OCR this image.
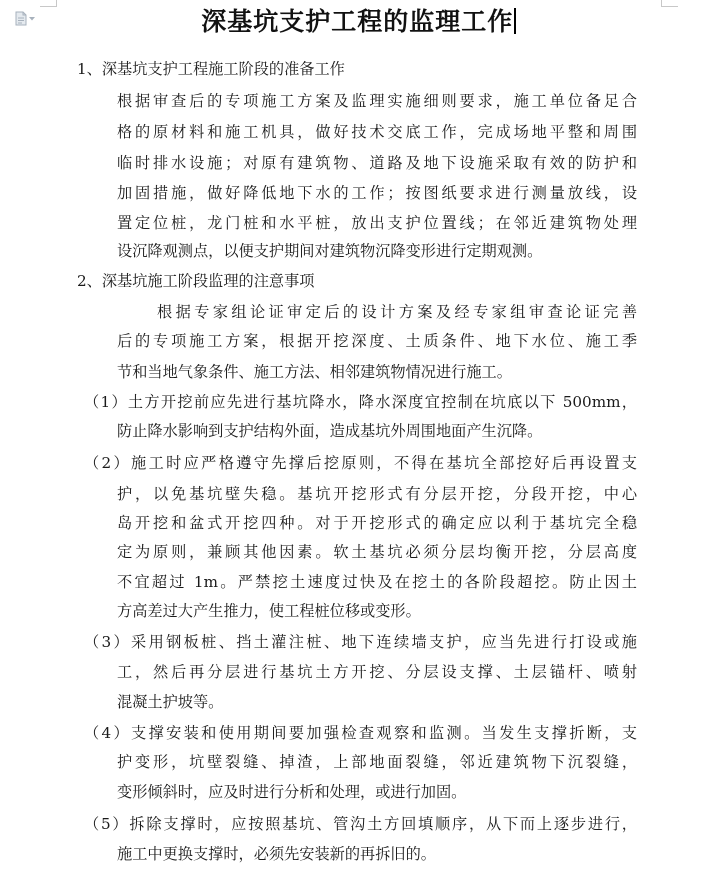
深基坑支护工程的监理工作
1、深基坑支护工程施工阶段的准备工作
根据审查后的专项施工方案及监理实施细则要求，施工单位备足合
格的原材料和施工机具，做好技术交底工作，完成场地平整和周围
临时排水设施；对原有建筑物、道路及地下设施采取有效的防护和
加固措施，做好降低地下水的工作；按图纸要求进行测量放线，设
置定位桩，龙门桩和水平桩，放出支护位置线；在邻近建筑物处理
设沉降观测点，以便支护期间对建筑物沉降变形进行定期观测。
2、深基坑施工阶段监理的注意事项
根据专家组论证审定后的设计方案及经专家组审查论证完善
后的专项施工方案，根据开挖深度、土质条件、地下水位、施工季
节和当地气象条件、施工方法、相邻建筑物情况进行施工。
（1）土方开挖前应先进行基坑降水，降水深度宜控制在坑底以下 500mm，
防止降水影响到支护结构外面，造成基坑外周围地面产生沉降。
（2）施工时应严格遵守先撑后挖原则，不得在基坑全部挖好后再设置支
护，以免基坑壁失稳。基坑开挖形式有分层开挖，分段开挖，中心
岛开挖和盆式开挖四种。对于开挖形式的确定应以利于基坑完全稳
定为原则，兼顾其他因素。软土基坑必须分层均衡开挖，分层高度
不宜超过 1m。严禁挖土速度过快及在挖土的各阶段超挖。防止因土
方高差过大产生推力，使工程桩位移或变形。
（3）采用钢板桩、挡土灌注桩、地下连续墙支护，应当先进行打设或施
工，然后再分层进行基坑土方开挖、分层设支撑、土层锚杆、喷射
混凝土护坡等。
（4）支撑安装和使用期间要加强检查观察和监测。当发生支撑折断，支
护变形，坑壁裂缝、掉渣，上部地面裂缝，邻近建筑物下沉裂缝，
变形倾斜时，应及时进行分析和处理，或进行加固。
（5）拆除支撑时，应按照基坑、管沟土方回填顺序，从下而上逐步进行，
施工中更换支撑时，必须先安装新的再拆旧的。
